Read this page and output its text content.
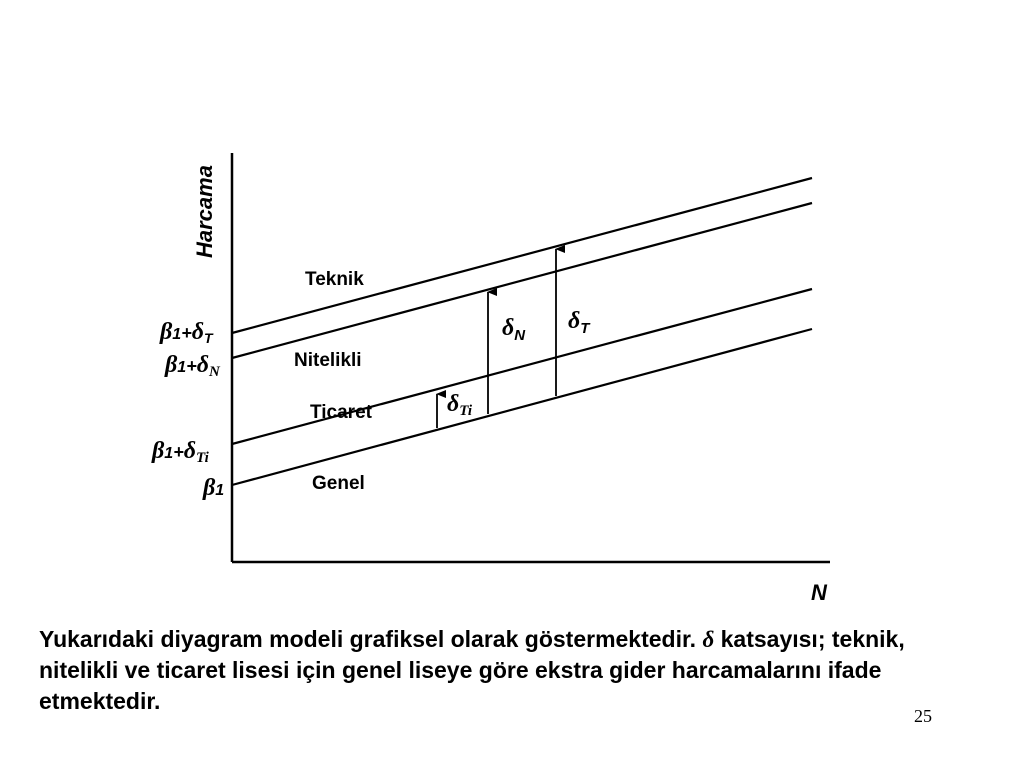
Harcama
N
Teknik
Nitelikli
Ticaret
Genel
β1+δT
β1+δN
β1+δTi
β1
δTi
$\delta_N$
$\delta_T$
Yukarıdaki diyagram modeli grafiksel olarak göstermektedir. δ katsayısı; teknik, nitelikli ve ticaret lisesi için genel liseye göre ekstra gider harcamalarını ifade etmektedir.
25
